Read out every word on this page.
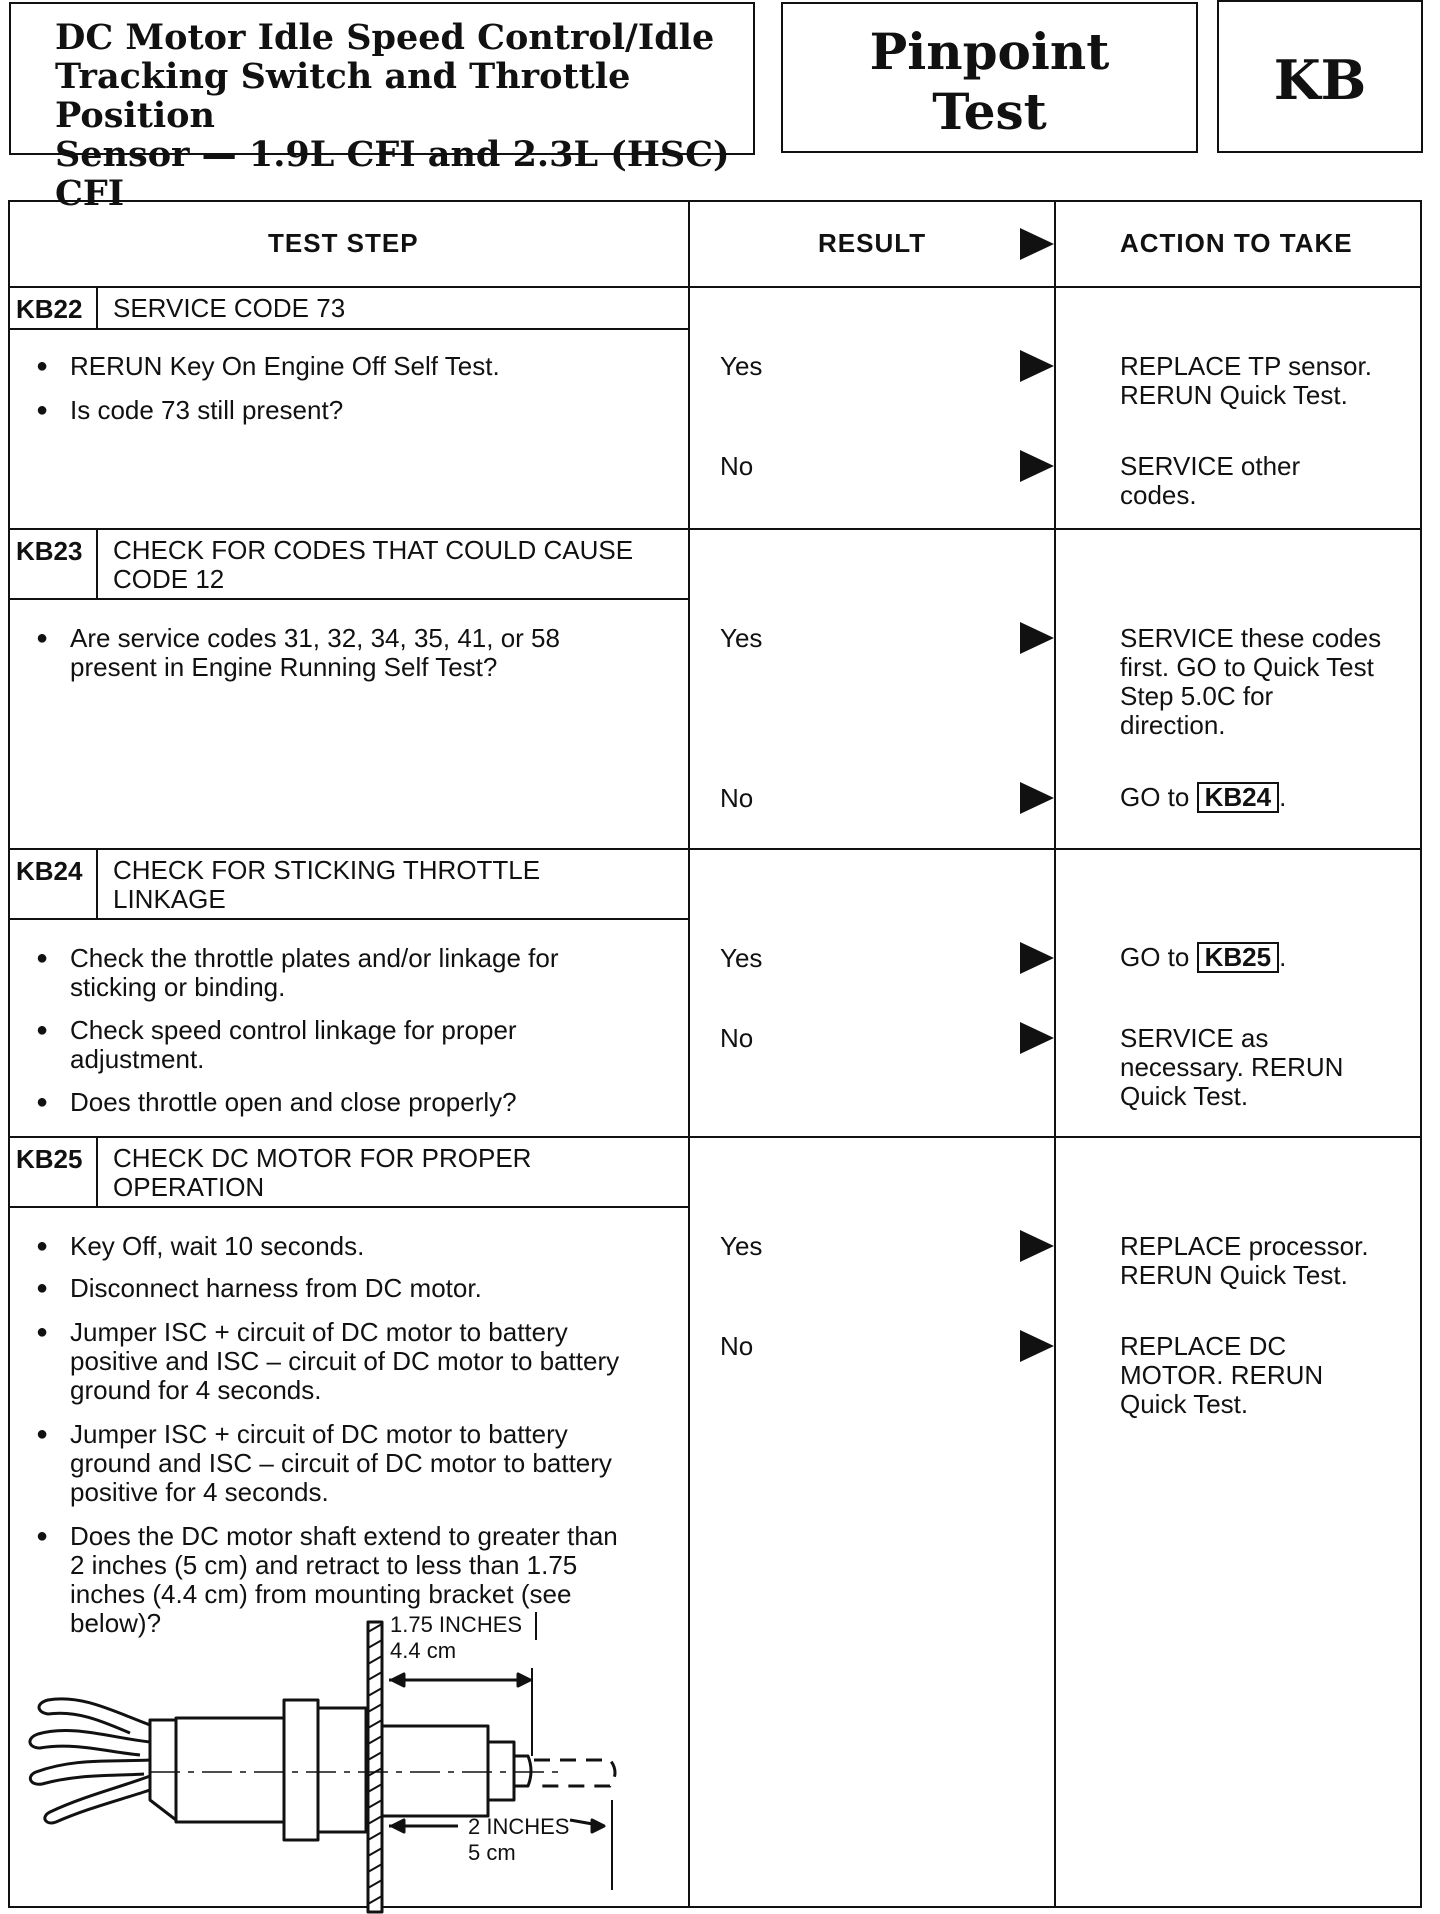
DC Motor Idle Speed Control/Idle
Tracking Switch and Throttle Position
Sensor — 1.9L CFI and 2.3L (HSC) CFI
Pinpoint
Test	KB
TEST STEP	RESULT	ACTION TO TAKE
KB22 SERVICE CODE 73
● RERUN Key On Engine Off Self Test.
● Is code 73 still present?
Yes	REPLACE TP sensor.
RERUN Quick Test.
No	SERVICE other
codes.
KB23 CHECK FOR CODES THAT COULD CAUSE
CODE 12
● Are service codes 31, 32, 34, 35, 41, or 58
present in Engine Running Self Test?
Yes	SERVICE these codes
first. GO to Quick Test
Step 5.0C for
direction.
No	GO to KB24 .
KB24 CHECK FOR STICKING THROTTLE
LINKAGE
● Check the throttle plates and/or linkage for
sticking or binding.
● Check speed control linkage for proper
adjustment.
● Does throttle open and close properly?
Yes	GO to KB25 .
No	SERVICE as
necessary. RERUN
Quick Test.
KB25 CHECK DC MOTOR FOR PROPER
OPERATION
● Key Off, wait 10 seconds.
● Disconnect harness from DC motor.
● Jumper ISC + circuit of DC motor to battery
positive and ISC – circuit of DC motor to battery
ground for 4 seconds.
● Jumper ISC + circuit of DC motor to battery
ground and ISC – circuit of DC motor to battery
positive for 4 seconds.
● Does the DC motor shaft extend to greater than
2 inches (5 cm) and retract to less than 1.75
inches (4.4 cm) from mounting bracket (see
below)?
Yes	REPLACE processor.
RERUN Quick Test.
No	REPLACE DC
MOTOR. RERUN
Quick Test.
1.75 INCHES
4.4 cm
2 INCHES
5 cm
